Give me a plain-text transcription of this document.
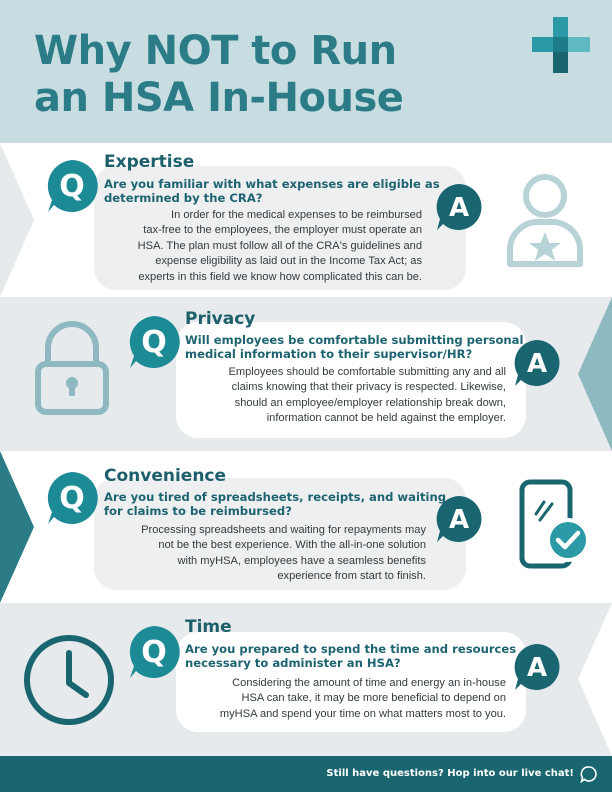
Why NOT to Run
an HSA In-House
Q
Expertise
Are you familiar with what expenses are eligible as
determined by the CRA?
In order for the medical expenses to be reimbursed
tax-free to the employees, the employer must operate an
HSA. The plan must follow all of the CRA's guidelines and
expense eligibility as laid out in the Income Tax Act; as
experts in this field we know how complicated this can be.
A
Q
Privacy
Will employees be comfortable submitting personal
medical information to their supervisor/HR?
Employees should be comfortable submitting any and all
claims knowing that their privacy is respected. Likewise,
should an employee/employer relationship break down,
information cannot be held against the employer.
A
Q
Convenience
Are you tired of spreadsheets, receipts, and waiting
for claims to be reimbursed?
Processing spreadsheets and waiting for repayments may
not be the best experience. With the all-in-one solution
with myHSA, employees have a seamless benefits
experience from start to finish.
A
Q
Time
Are you prepared to spend the time and resources
necessary to administer an HSA?
Considering the amount of time and energy an in-house
HSA can take, it may be more beneficial to depend on
myHSA and spend your time on what matters most to you.
A
Still have questions? Hop into our live chat!
